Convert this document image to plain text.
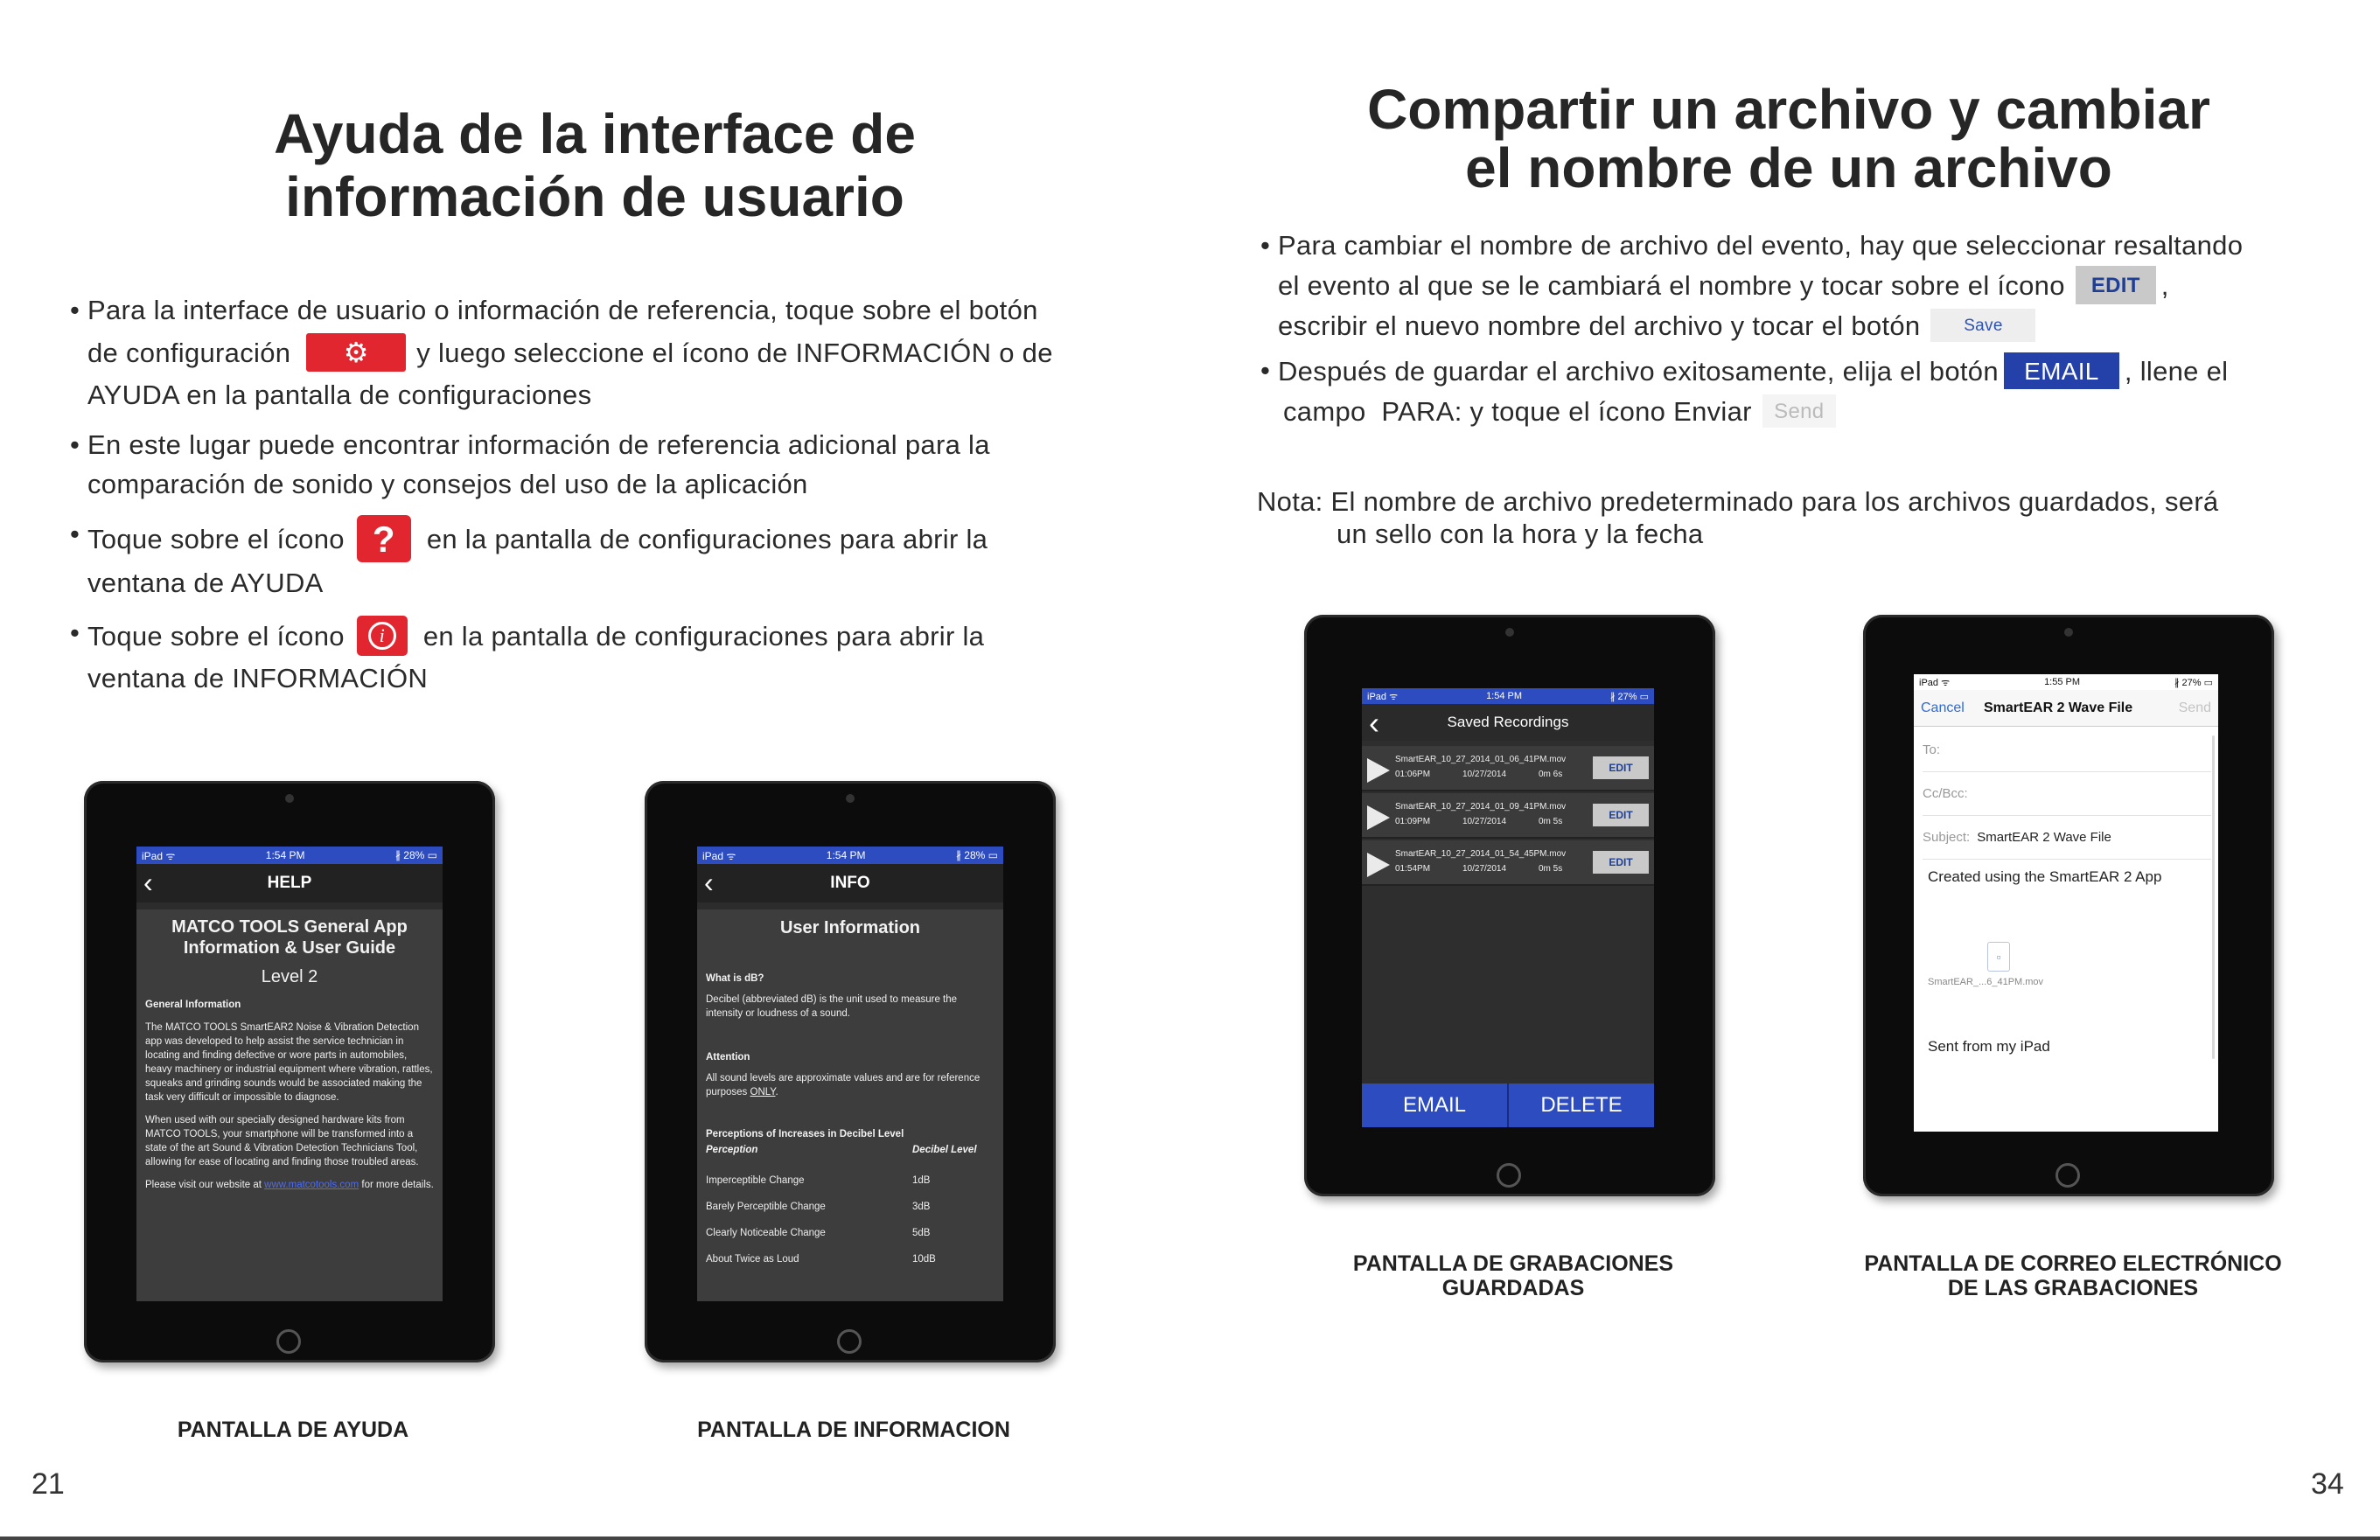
Ayuda de la interface de
información de usuario
• Para la interface de usuario o información de referencia, toque sobre el botón
de configuración	⚙	y luego seleccione el ícono de INFORMACIÓN o de
AYUDA en la pantalla de configuraciones
• En este lugar puede encontrar información de referencia adicional para la
comparación de sonido y consejos del uso de la aplicación
• Toque sobre el ícono ?	en la pantalla de configuraciones para abrir la
ventana de AYUDA
• Toque sobre el ícono	i	en la pantalla de configuraciones para abrir la
ventana de INFORMACIÓN
iPad ᯤ	1:54 PM	∦ 28% ▭
‹	HELP
MATCO TOOLS General App Information & User Guide
Level 2
General Information
The MATCO TOOLS SmartEAR2 Noise & Vibration Detection app was developed to help assist the service technician in locating and finding defective or wore parts in automobiles, heavy machinery or industrial equipment where vibration, rattles, squeaks and grinding sounds would be associated making the task very difficult or impossible to diagnose.
When used with our specially designed hardware kits from MATCO TOOLS, your smartphone will be transformed into a state of the art Sound & Vibration Detection Technicians Tool, allowing for ease of locating and finding those troubled areas.
Please visit our website at www.matcotools.com for more details.
iPad ᯤ	1:54 PM	∦ 28% ▭
‹	INFO
User Information
What is dB?
Decibel (abbreviated dB) is the unit used to measure the intensity or loudness of a sound.
Attention
All sound levels are approximate values and are for reference purposes ONLY.
Perceptions of Increases in Decibel Level
Perception	Decibel Level
Imperceptible Change	1dB
Barely Perceptible Change	3dB
Clearly Noticeable Change	5dB
About Twice as Loud	10dB
PANTALLA DE AYUDA	PANTALLA DE INFORMACION
21
Compartir un archivo y cambiar
el nombre de un archivo
• Para cambiar el nombre de archivo del evento, hay que seleccionar resaltando
el evento al que se le cambiará el nombre y tocar sobre el ícono	EDIT ,
escribir el nuevo nombre del archivo y tocar el botón	Save
• Después de guardar el archivo exitosamente, elija el botón	EMAIL , llene el
campo  PARA: y toque el ícono Enviar	Send
Nota: El nombre de archivo predeterminado para los archivos guardados, será
un sello con la hora y la fecha
iPad ᯤ	1:54 PM	∦ 27% ▭
‹	Saved Recordings
SmartEAR_10_27_2014_01_06_41PM.mov
01:06PM	10/27/2014	0m 6s
EDIT
SmartEAR_10_27_2014_01_09_41PM.mov
01:09PM	10/27/2014	0m 5s
EDIT
SmartEAR_10_27_2014_01_54_45PM.mov
01:54PM	10/27/2014	0m 5s
EDIT
EMAIL	DELETE
iPad ᯤ	1:55 PM	∦ 27% ▭
Cancel	SmartEAR 2 Wave File	Send
To:
Cc/Bcc:
Subject: SmartEAR 2 Wave File
Created using the SmartEAR 2 App
▫
SmartEAR_...6_41PM.mov
Sent from my iPad
PANTALLA DE GRABACIONES
GUARDADAS
PANTALLA DE CORREO ELECTRÓNICO
DE LAS GRABACIONES
34
